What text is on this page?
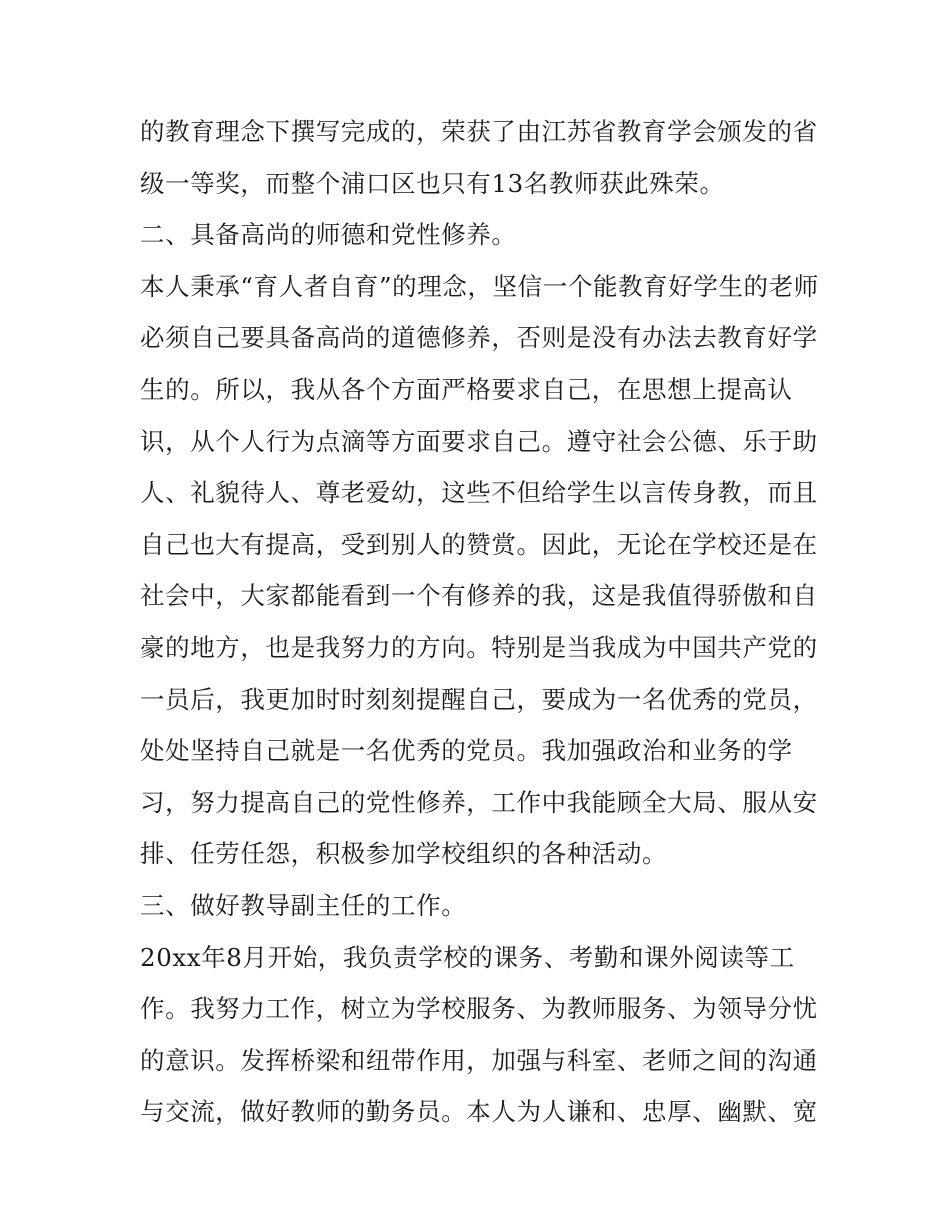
的教育理念下撰写完成的，荣获了由江苏省教育学会颁发的省
级一等奖，而整个浦口区也只有13名教师获此殊荣。
二、具备高尚的师德和党性修养。
本人秉承“育人者自育”的理念，坚信一个能教育好学生的老师
必须自己要具备高尚的道德修养，否则是没有办法去教育好学
生的。所以，我从各个方面严格要求自己，在思想上提高认
识，从个人行为点滴等方面要求自己。遵守社会公德、乐于助
人、礼貌待人、尊老爱幼，这些不但给学生以言传身教，而且
自己也大有提高，受到别人的赞赏。因此，无论在学校还是在
社会中，大家都能看到一个有修养的我，这是我值得骄傲和自
豪的地方，也是我努力的方向。特别是当我成为中国共产党的
一员后，我更加时时刻刻提醒自己，要成为一名优秀的党员，
处处坚持自己就是一名优秀的党员。我加强政治和业务的学
习，努力提高自己的党性修养，工作中我能顾全大局、服从安
排、任劳任怨，积极参加学校组织的各种活动。
三、做好教导副主任的工作。
20xx年8月开始，我负责学校的课务、考勤和课外阅读等工
作。我努力工作，树立为学校服务、为教师服务、为领导分忧
的意识。发挥桥梁和纽带作用，加强与科室、老师之间的沟通
与交流，做好教师的勤务员。本人为人谦和、忠厚、幽默、宽
